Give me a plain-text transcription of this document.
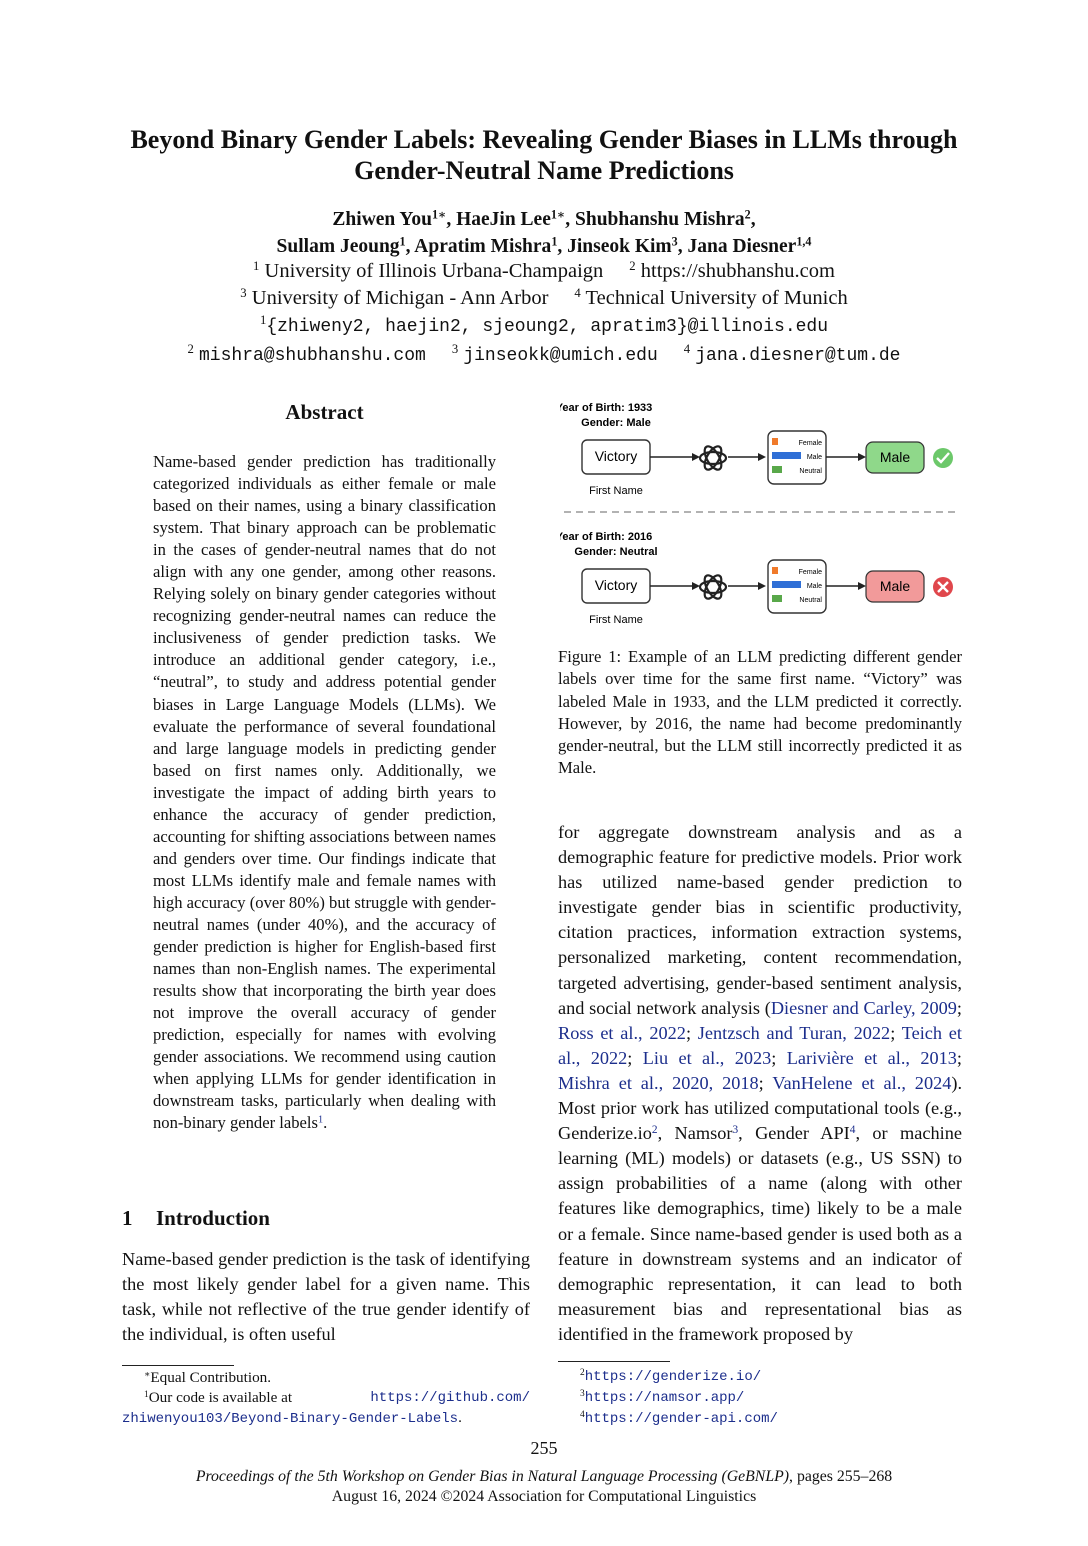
Beyond Binary Gender Labels: Revealing Gender Biases in LLMs through
Gender-Neutral Name Predictions
Zhiwen You$^{1∗}$, HaeJin Lee$^{1∗}$, Shubhanshu Mishra$^2$,
Sullam Jeoung$^1$, Apratim Mishra$^1$, Jinseok Kim$^3$, Jana Diesner$^{1,4}$
$^1$ University of Illinois Urbana-Champaign $^2$ https://shubhanshu.com
$^3$ University of Michigan - Ann Arbor $^4$ Technical University of Munich
$^1${zhiweny2, haejin2, sjeoung2, apratim3}@illinois.edu
$^2$ mishra@shubhanshu.com $^3$ jinseokk@umich.edu $^4$ jana.diesner@tum.de
Abstract
Name-based gender prediction has traditionally categorized individuals as either female or male based on their names, using a binary classification system. That binary approach can be problematic in the cases of gender-neutral names that do not align with any one gender, among other reasons. Relying solely on binary gender categories without recognizing gender-neutral names can reduce the inclusiveness of gender prediction tasks. We introduce an additional gender category, i.e., “neutral”, to study and address potential gender biases in Large Language Models (LLMs). We evaluate the performance of several foundational and large language models in predicting gender based on first names only. Additionally, we investigate the impact of adding birth years to enhance the accuracy of gender prediction, accounting for shifting associations between names and genders over time. Our findings indicate that most LLMs identify male and female names with high accuracy (over 80%) but struggle with gender-neutral names (under 40%), and the accuracy of gender prediction is higher for English-based first names than non-English names. The experimental results show that incorporating the birth year does not improve the overall accuracy of gender prediction, especially for names with evolving gender associations. We recommend using caution when applying LLMs for gender identification in downstream tasks, particularly when dealing with non-binary gender labels$^1$.
1 Introduction
Name-based gender prediction is the task of identifying the most likely gender label for a given name. This task, while not reflective of the true gender identify of the individual, is often useful
∗Equal Contribution.
$^1$Our code is available at	https://github.com/
zhiwenyou103/Beyond-Binary-Gender-Labels.
Year of Birth: 1933
Gender: Male
Victory
First Name
Female
Male
Neutral
Male
Year of Birth: 2016
Gender: Neutral
Victory
First Name
Female
Male
Neutral
Male
Figure 1: Example of an LLM predicting different gender labels over time for the same first name. “Victory” was labeled Male in 1933, and the LLM predicted it correctly. However, by 2016, the name had become predominantly gender-neutral, but the LLM still incorrectly predicted it as Male.
for aggregate downstream analysis and as a demographic feature for predictive models. Prior work has utilized name-based gender prediction to investigate gender bias in scientific productivity, citation practices, information extraction systems, personalized marketing, content recommendation, targeted advertising, gender-based sentiment analysis, and social network analysis (Diesner and Carley, 2009; Ross et al., 2022; Jentzsch and Turan, 2022; Teich et al., 2022; Liu et al., 2023; Larivière et al., 2013; Mishra et al., 2020, 2018; VanHelene et al., 2024). Most prior work has utilized computational tools (e.g., Genderize.io$^2$, Namsor$^3$, Gender API$^4$, or machine learning (ML) models) or datasets (e.g., US SSN) to assign probabilities of a name (along with other features like demographics, time) likely to be a male or a female. Since name-based gender is used both as a feature in downstream systems and an indicator of demographic representation, it can lead to both measurement bias and representational bias as identified in the framework proposed by
$^2$https://genderize.io/
$^3$https://namsor.app/
$^4$https://gender-api.com/
255
Proceedings of the 5th Workshop on Gender Bias in Natural Language Processing (GeBNLP), pages 255–268
August 16, 2024 ©2024 Association for Computational Linguistics
